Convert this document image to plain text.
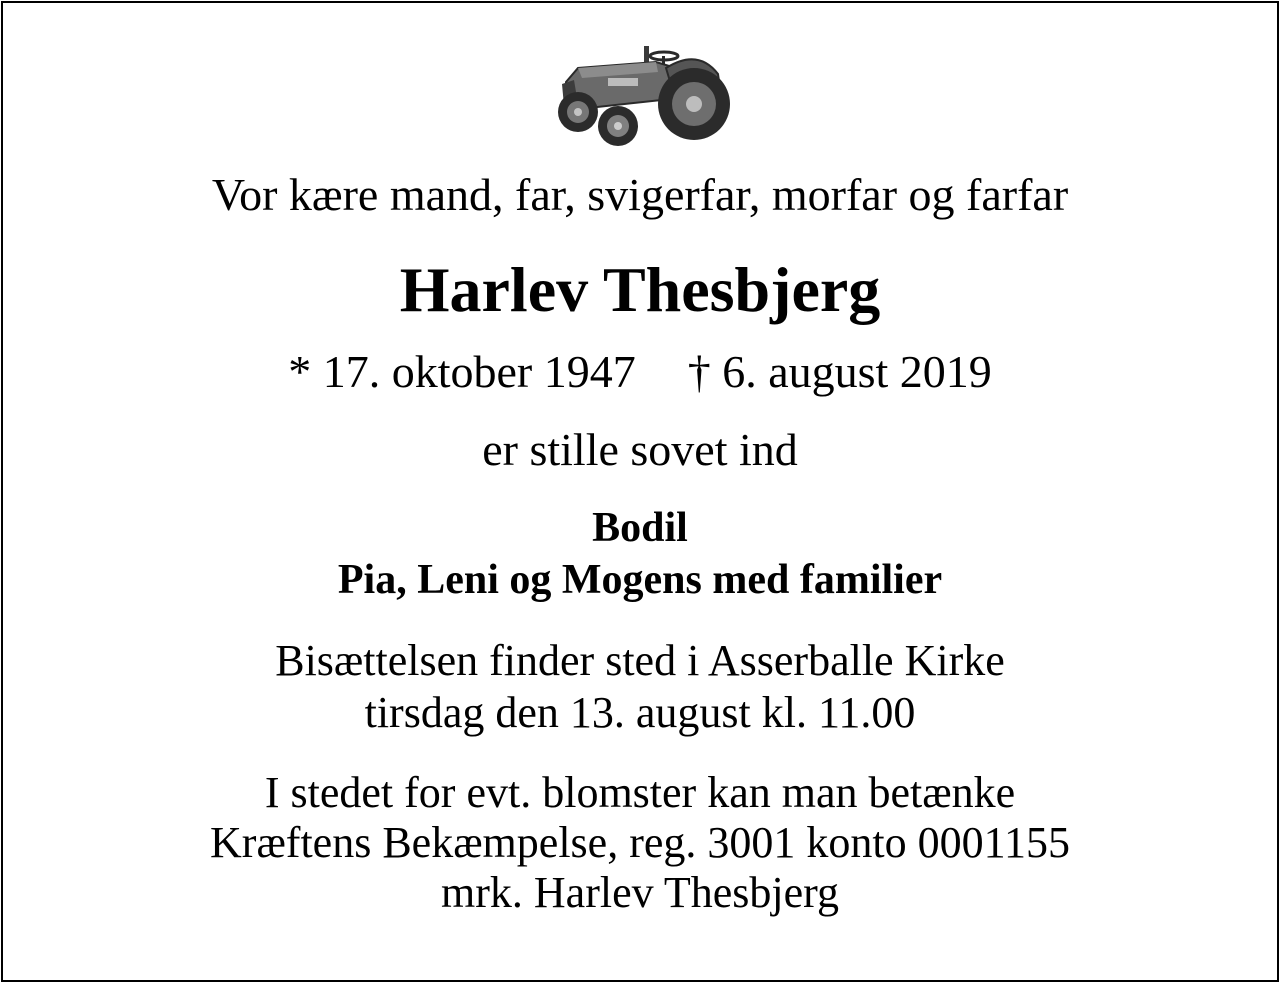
Vor kære mand, far, svigerfar, morfar og farfar
Harlev Thesbjerg
* 17. oktober 1947 † 6. august 2019
er stille sovet ind
Bodil
Pia, Leni og Mogens med familier
Bisættelsen finder sted i Asserballe Kirke
tirsdag den 13. august kl. 11.00
I stedet for evt. blomster kan man betænke
Kræftens Bekæmpelse, reg. 3001 konto 0001155
mrk. Harlev Thesbjerg
